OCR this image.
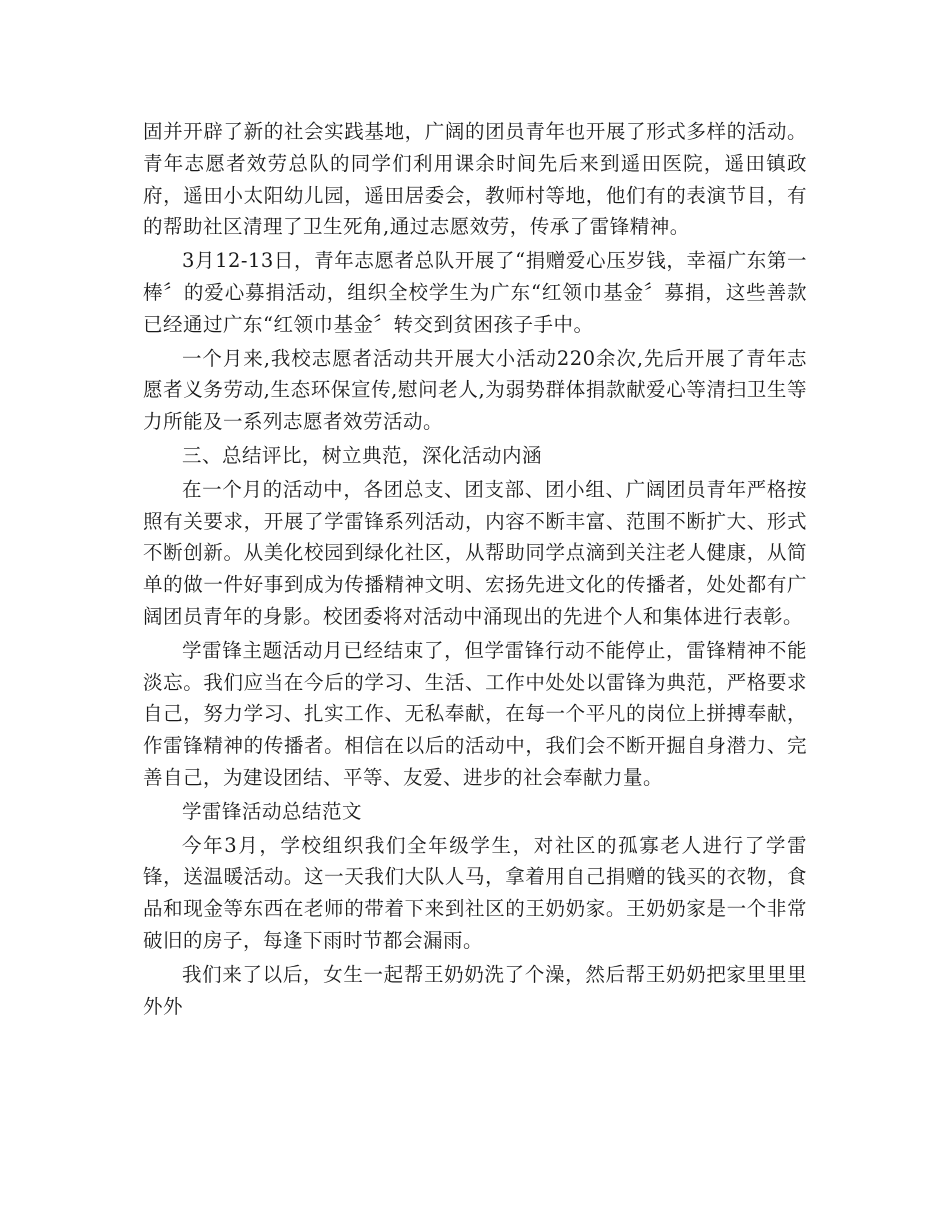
固并开辟了新的社会实践基地，广阔的团员青年也开展了形式多样的活动。青年志愿者效劳总队的同学们利用课余时间先后来到遥田医院，遥田镇政府，遥田小太阳幼儿园，遥田居委会，教师村等地，他们有的表演节目，有的帮助社区清理了卫生死角,通过志愿效劳，传承了雷锋精神。

3月12-13日，青年志愿者总队开展了“捐赠爱心压岁钱，幸福广东第一棒〞的爱心募捐活动，组织全校学生为广东“红领巾基金〞募捐，这些善款已经通过广东“红领巾基金〞转交到贫困孩子手中。

一个月来,我校志愿者活动共开展大小活动220余次,先后开展了青年志愿者义务劳动,生态环保宣传,慰问老人,为弱势群体捐款献爱心等清扫卫生等力所能及一系列志愿者效劳活动。

三、总结评比，树立典范，深化活动内涵

在一个月的活动中，各团总支、团支部、团小组、广阔团员青年严格按照有关要求，开展了学雷锋系列活动，内容不断丰富、范围不断扩大、形式不断创新。从美化校园到绿化社区，从帮助同学点滴到关注老人健康，从简单的做一件好事到成为传播精神文明、宏扬先进文化的传播者，处处都有广阔团员青年的身影。校团委将对活动中涌现出的先进个人和集体进行表彰。

学雷锋主题活动月已经结束了，但学雷锋行动不能停止，雷锋精神不能淡忘。我们应当在今后的学习、生活、工作中处处以雷锋为典范，严格要求自己，努力学习、扎实工作、无私奉献，在每一个平凡的岗位上拼搏奉献，作雷锋精神的传播者。相信在以后的活动中，我们会不断开掘自身潜力、完善自己，为建设团结、平等、友爱、进步的社会奉献力量。

学雷锋活动总结范文

今年3月，学校组织我们全年级学生，对社区的孤寡老人进行了学雷锋，送温暖活动。这一天我们大队人马，拿着用自己捐赠的钱买的衣物，食品和现金等东西在老师的带着下来到社区的王奶奶家。王奶奶家是一个非常破旧的房子，每逢下雨时节都会漏雨。

我们来了以后，女生一起帮王奶奶洗了个澡，然后帮王奶奶把家里里里外外
